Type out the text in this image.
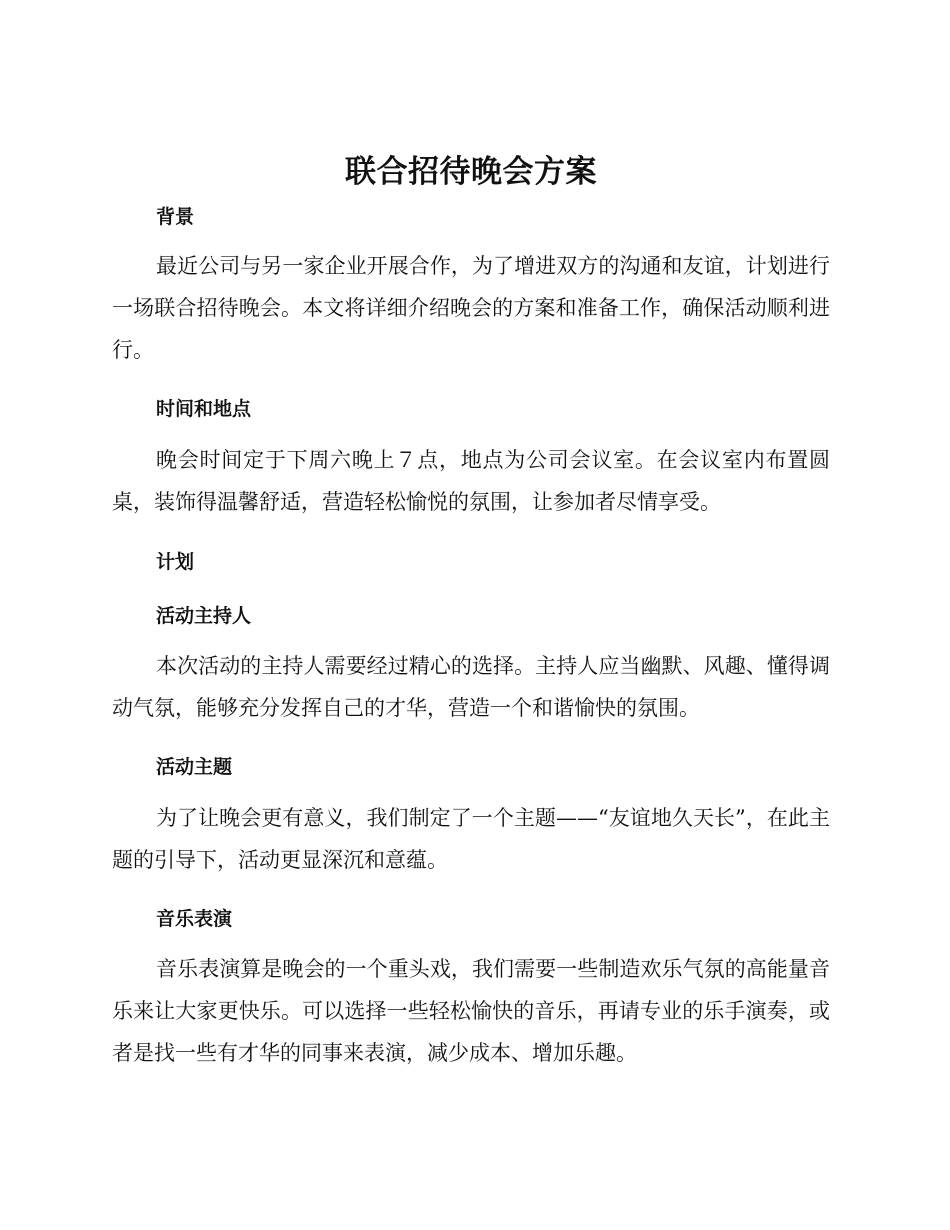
联合招待晚会方案
背景

最近公司与另一家企业开展合作，为了增进双方的沟通和友谊，计划进行一场联合招待晚会。本文将详细介绍晚会的方案和准备工作，确保活动顺利进行。

时间和地点

晚会时间定于下周六晚上７点，地点为公司会议室。在会议室内布置圆桌，装饰得温馨舒适，营造轻松愉悦的氛围，让参加者尽情享受。

计划
活动主持人

本次活动的主持人需要经过精心的选择。主持人应当幽默、风趣、懂得调动气氛，能够充分发挥自己的才华，营造一个和谐愉快的氛围。

活动主题

为了让晚会更有意义，我们制定了一个主题——“友谊地久天长”，在此主题的引导下，活动更显深沉和意蕴。

音乐表演

音乐表演算是晚会的一个重头戏，我们需要一些制造欢乐气氛的高能量音乐来让大家更快乐。可以选择一些轻松愉快的音乐，再请专业的乐手演奏，或者是找一些有才华的同事来表演，减少成本、增加乐趣。
